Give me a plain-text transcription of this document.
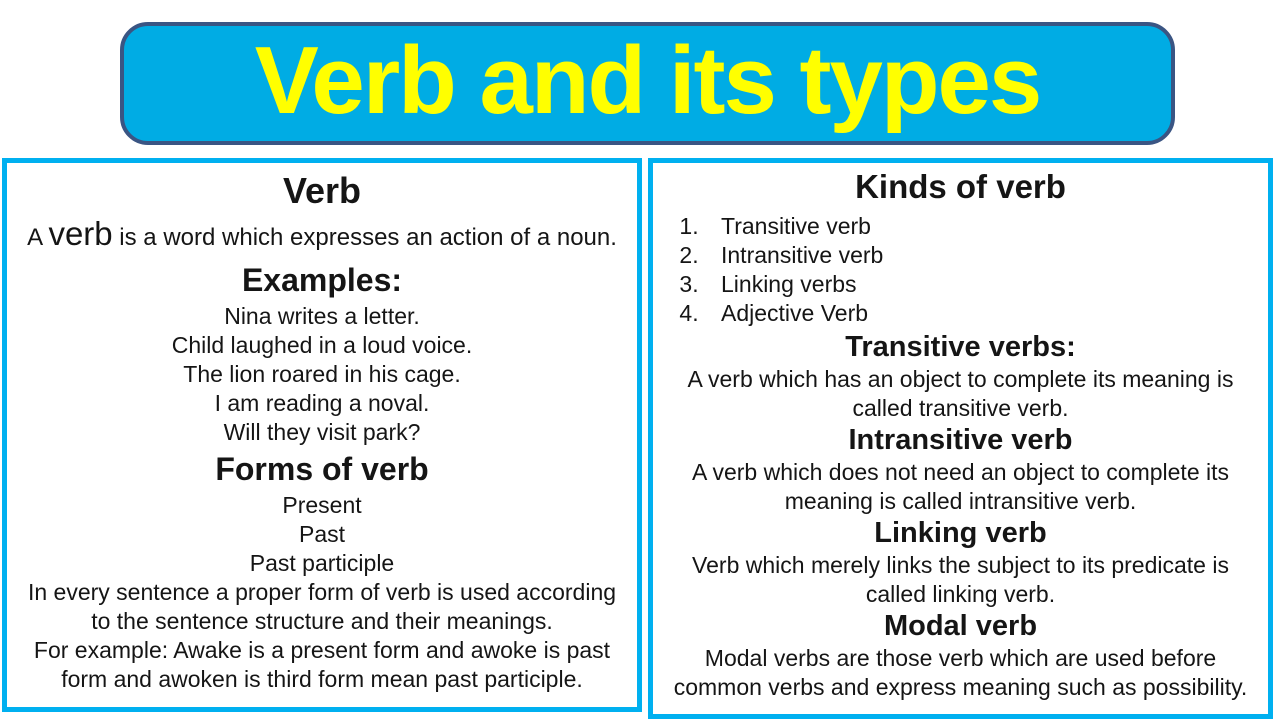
Verb and its types
Verb
A verb is a word which expresses an action of a noun.
Examples:
Nina writes a letter.
Child laughed in a loud voice.
The lion roared in his cage.
I am reading a noval.
Will they visit park?
Forms of verb
Present
Past
Past participle
In every sentence a proper form of verb is used according to the sentence structure and their meanings.
For example: Awake is a present form and awoke is past form and awoken is third form mean past participle.
Kinds of verb
1. Transitive verb
2. Intransitive verb
3. Linking verbs
4. Adjective Verb
Transitive verbs:
A verb which has an object to complete its meaning is called transitive verb.
Intransitive verb
A verb which does not need an object to complete its meaning is called intransitive verb.
Linking verb
Verb which merely links the subject to its predicate is called linking verb.
Modal verb
Modal verbs are those verb which are used before common verbs and express meaning such as possibility.
